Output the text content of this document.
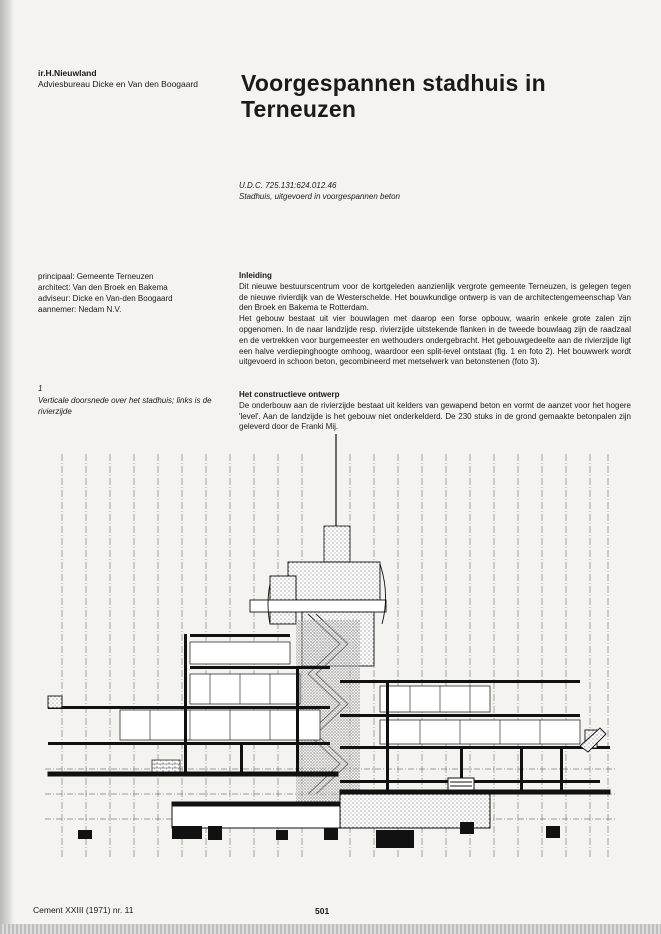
ir.H.Nieuwland
Adviesbureau Dicke en Van den Boogaard Voorgespannen stadhuis in Terneuzen
U.D.C. 725.131:624.012.46
Stadhuis, uitgevoerd in voorgespannen beton
principaal: Gemeente Terneuzen
architect: Van den Broek en Bakema
adviseur: Dicke en Van-den Boogaard
aannemer: Nedam N.V.
1
Verticale doorsnede over het stadhuis; links is de rivierzijde
Inleiding

Dit nieuwe bestuurscentrum voor de kortgeleden aanzienlijk vergrote gemeente Terneuzen, is gelegen tegen de nieuwe rivierdijk van de Westerschelde. Het bouwkundige ontwerp is van de architectengemeenschap Van den Broek en Bakema te Rotterdam.

Het gebouw bestaat uit vier bouwlagen met daarop een forse opbouw, waarin enkele grote zalen zijn opgenomen. In de naar landzijde resp. rivierzijde uitstekende flanken in de tweede bouwlaag zijn de raadzaal en de vertrekken voor burgemeester en wethouders ondergebracht. Het gebouwgedeelte aan de rivierzijde ligt een halve verdiepinghoogte omhoog, waardoor een split-level ontstaat (fig. 1 en foto 2). Het bouwwerk wordt uitgevoerd in schoon beton, gecombineerd met metselwerk van betonstenen (foto 3).

Het constructieve ontwerp

De onderbouw aan de rivierzijde bestaat uit kelders van gewapend beton en vormt de aanzet voor het hogere 'level'. Aan de landzijde is het gebouw niet onderkelderd. De 230 stuks in de grond gemaakte betonpalen zijn geleverd door de Franki Mij.

Cement XXIII (1971) nr. 11	501
